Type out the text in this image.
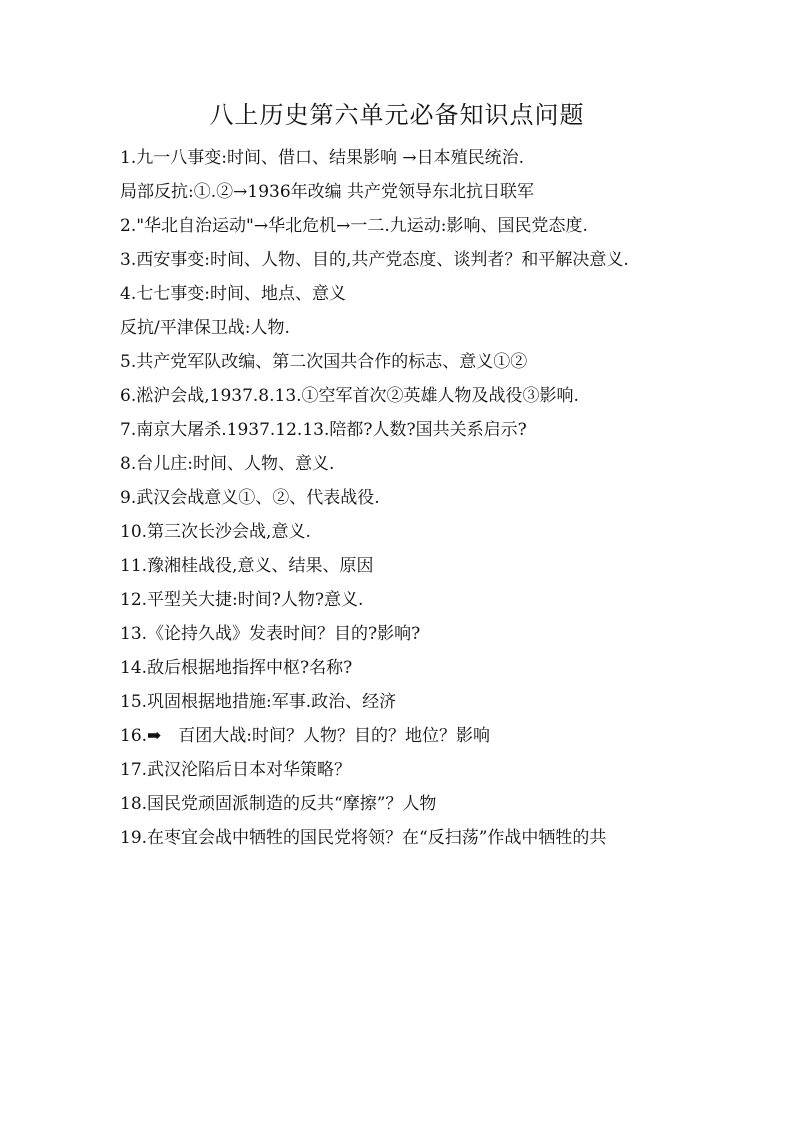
八上历史第六单元必备知识点问题
1.九一八事变:时间、借口、结果影响 →日本殖民统治.
局部反抗:①.②→1936年改编 共产党领导东北抗日联军
2."华北自治运动"→华北危机→一二.九运动:影响、国民党态度.
3.西安事变:时间、人物、目的,共产党态度、谈判者？和平解决意义.
4.七七事变:时间、地点、意义
反抗/平津保卫战:人物.
5.共产党军队改编、第二次国共合作的标志、意义①②
6.淞沪会战,1937.8.13.①空军首次②英雄人物及战役③影响.
7.南京大屠杀.1937.12.13.陪都?人数?国共关系启示?
8.台儿庄:时间、人物、意义.
9.武汉会战意义①、②、代表战役.
10.第三次长沙会战,意义.
11.豫湘桂战役,意义、结果、原因
12.平型关大捷:时间?人物?意义.
13.《论持久战》发表时间？目的?影响?
14.敌后根据地指挥中枢?名称?
15.巩固根据地措施:军事.政治、经济
16.➡　百团大战:时间？人物？目的？地位？影响
17.武汉沦陷后日本对华策略？
18.国民党顽固派制造的反共“摩擦”？人物
19.在枣宜会战中牺牲的国民党将领？在“反扫荡”作战中牺牲的共
